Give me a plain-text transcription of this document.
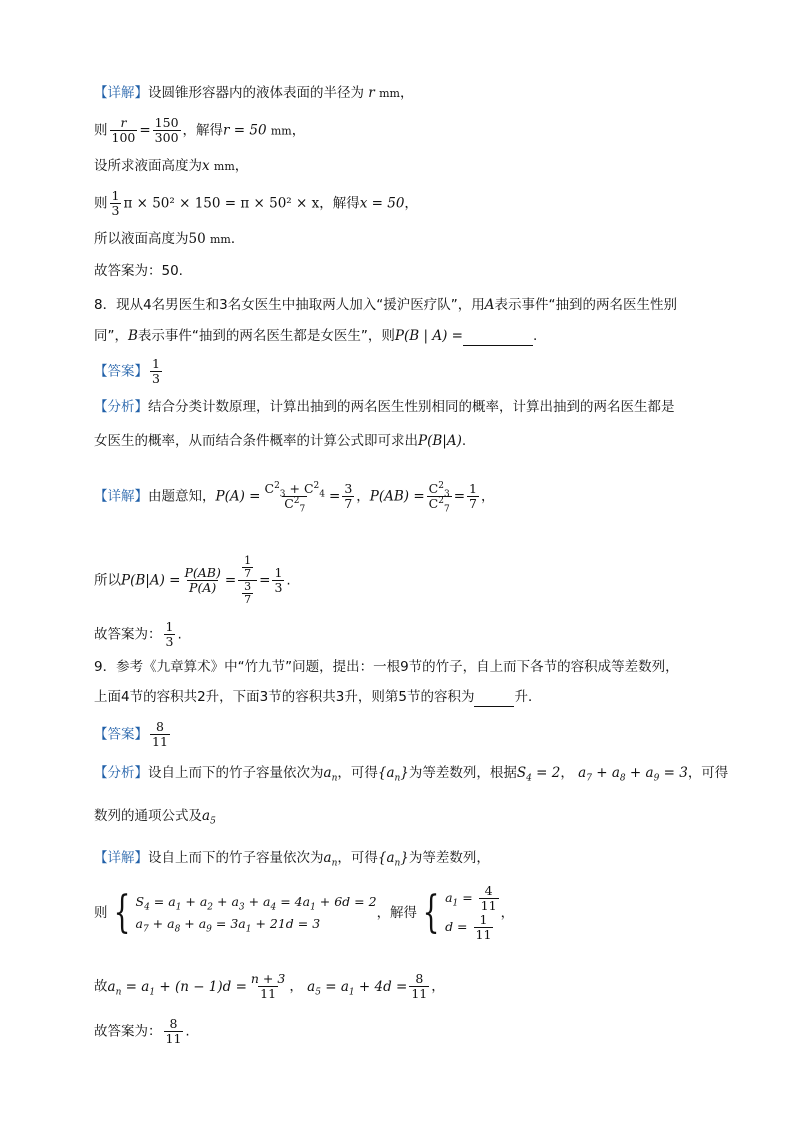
【详解】设圆锥形容器内的液体表面的半径为 r mm，
则 $\frac{r}{100} = \frac{150}{300}$ ，解得r = 50 mm，
设所求液面高度为x mm，
则 $\frac{1}{3}$ π × 50² × 150 = π × 50² × x，解得x = 50，
所以液面高度为50 mm．
故答案为：50.
8．现从4名男医生和3名女医生中抽取两人加入“援沪医疗队”，用A表示事件“抽到的两名医生性别
同”，B表示事件“抽到的两名医生都是女医生”，则P(B | A) =	.
【答案】 $\frac{1}{3}$
【分析】结合分类计数原理，计算出抽到的两名医生性别相同的概率，计算出抽到的两名医生都是
女医生的概率，从而结合条件概率的计算公式即可求出P(B|A).
【详解】由题意知，$P(A) = \frac{C^2_3 + C^2_4}{C^2_7} = \frac{3}{7}$ ，$P(AB) = \frac{C^2_3}{C^2_7} = \frac{1}{7}$ ，
所以$P(B|A) = \frac{P(AB)}{P(A)} = \frac{\frac{1}{7}}{\frac{3}{7}} = \frac{1}{3}$ .
故答案为： $\frac{1}{3}$ .
9．参考《九章算术》中“竹九节”问题，提出：一根9节的竹子，自上而下各节的容积成等差数列，
上面4节的容积共2升，下面3节的容积共3升，则第5节的容积为	升．
【答案】 $\frac{8}{11}$
【分析】设自上而下的竹子容量依次为$a_n$，可得$\{a_n\}$为等差数列，根据$S_4 = 2$， $a_7 + a_8 + a_9 = 3$，可得
数列的通项公式及$a_5$
【详解】设自上而下的竹子容量依次为$a_n$，可得$\{a_n\}$为等差数列，
则 { $S_4 = a_1 + a_2 + a_3 + a_4 = 4a_1 + 6d = 2$
$a_7 + a_8 + a_9 = 3a_1 + 21d = 3$
，解得 { $a_1 = \frac{4}{11}$
$d = \frac{1}{11}$ ，
故$a_n = a_1 + (n - 1)d = \frac{n + 3}{11}$ ， $a_5 = a_1 + 4d = \frac{8}{11}$ ，
故答案为： $\frac{8}{11}$ .
